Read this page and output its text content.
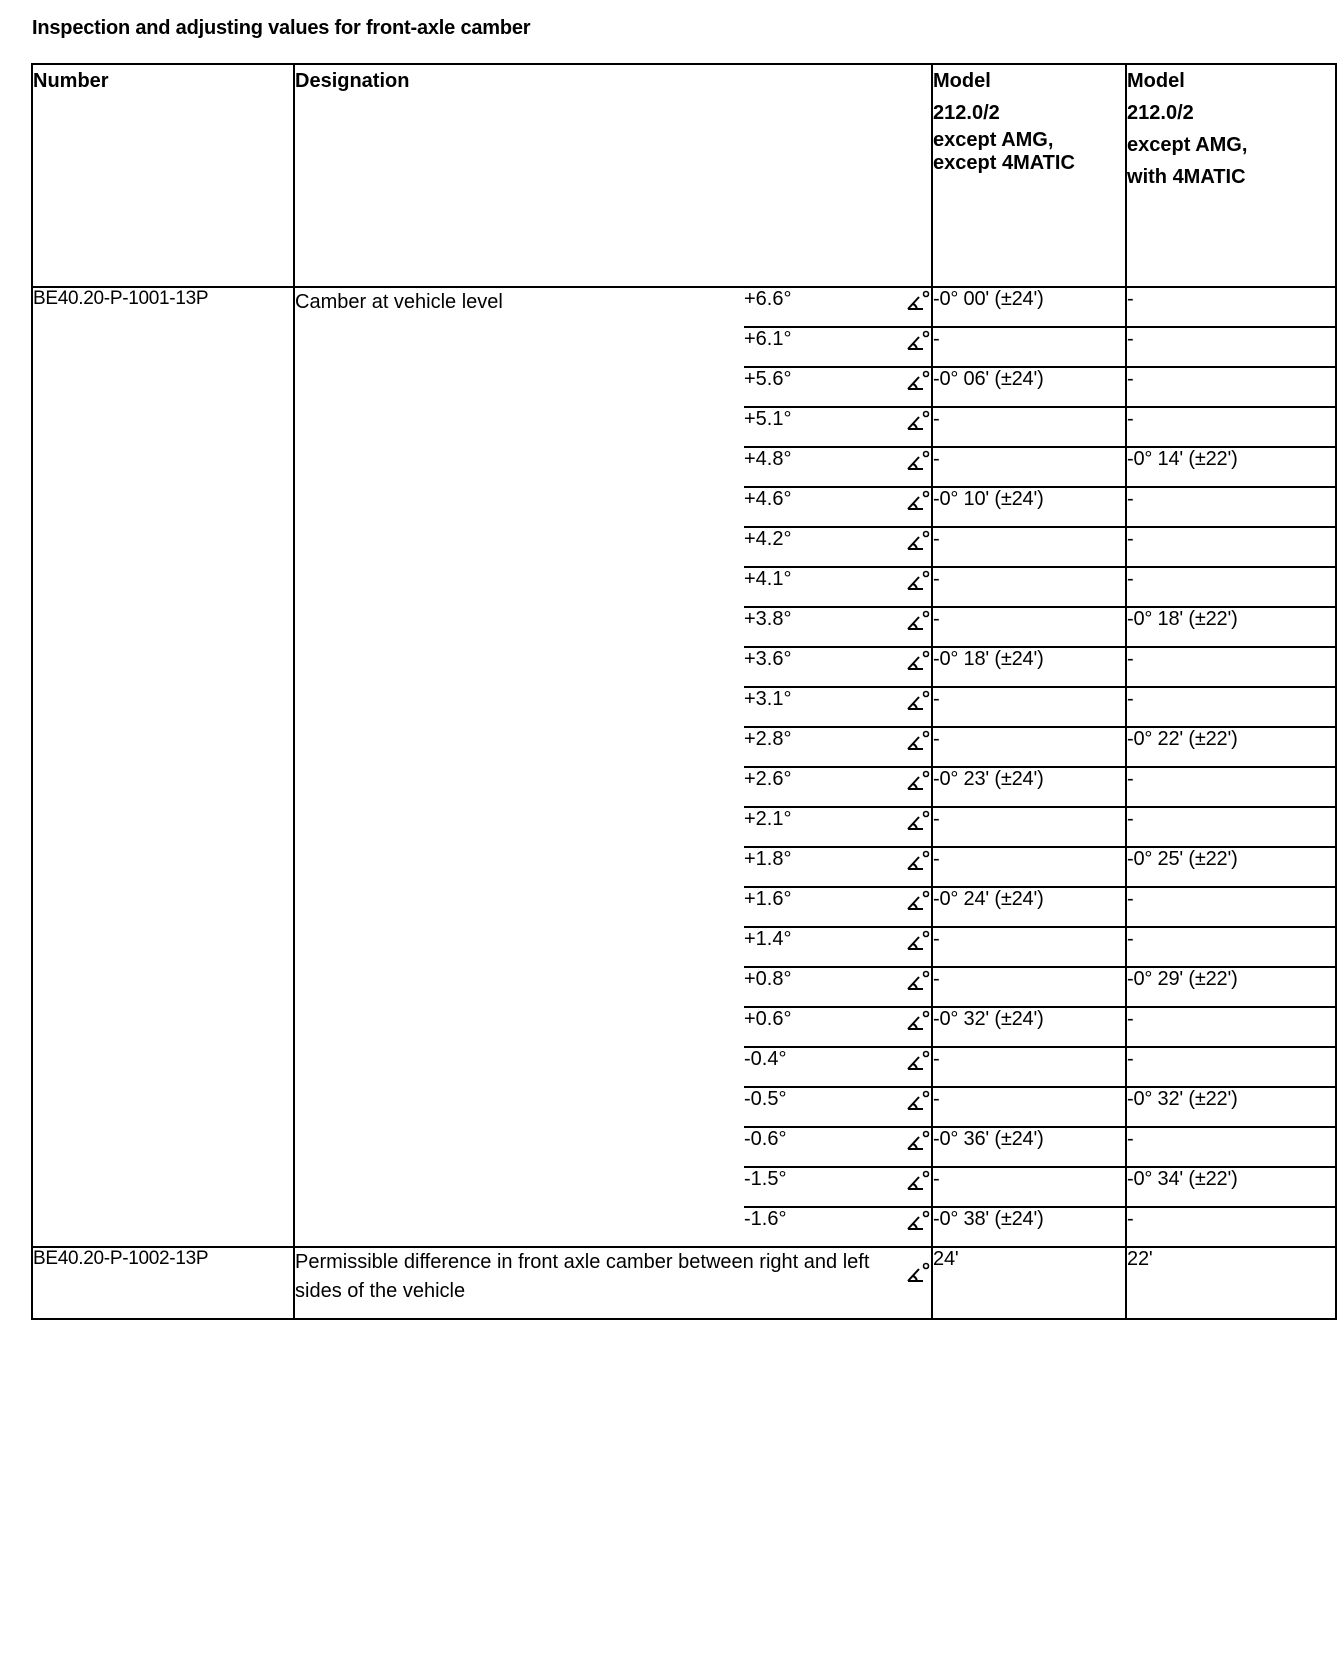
Inspection and adjusting values for front-axle camber
Number	Designation			Model
212.0/2
except AMG,
except 4MATIC	Model
212.0/2
except AMG,
with 4MATIC

BE40.20-P-1001-13P	Camber at vehicle level	+6.6°		-0° 00' (±24')	-
		+6.1°		-	-
		+5.6°		-0° 06' (±24')	-
		+5.1°		-	-
		+4.8°		-	-0° 14' (±22')
		+4.6°		-0° 10' (±24')	-
		+4.2°		-	-
		+4.1°		-	-
		+3.8°		-	-0° 18' (±22')
		+3.6°		-0° 18' (±24')	-
		+3.1°		-	-
		+2.8°		-	-0° 22' (±22')
		+2.6°		-0° 23' (±24')	-
		+2.1°		-	-
		+1.8°		-	-0° 25' (±22')
		+1.6°		-0° 24' (±24')	-
		+1.4°		-	-
		+0.8°		-	-0° 29' (±22')
		+0.6°		-0° 32' (±24')	-
		-0.4°		-	-
		-0.5°		-	-0° 32' (±22')
		-0.6°		-0° 36' (±24')	-
		-1.5°		-	-0° 34' (±22')
		-1.6°		-0° 38' (±24')	-
BE40.20-P-1002-13P	Permissible difference in front axle camber between right and left sides of the vehicle			24'	22'
